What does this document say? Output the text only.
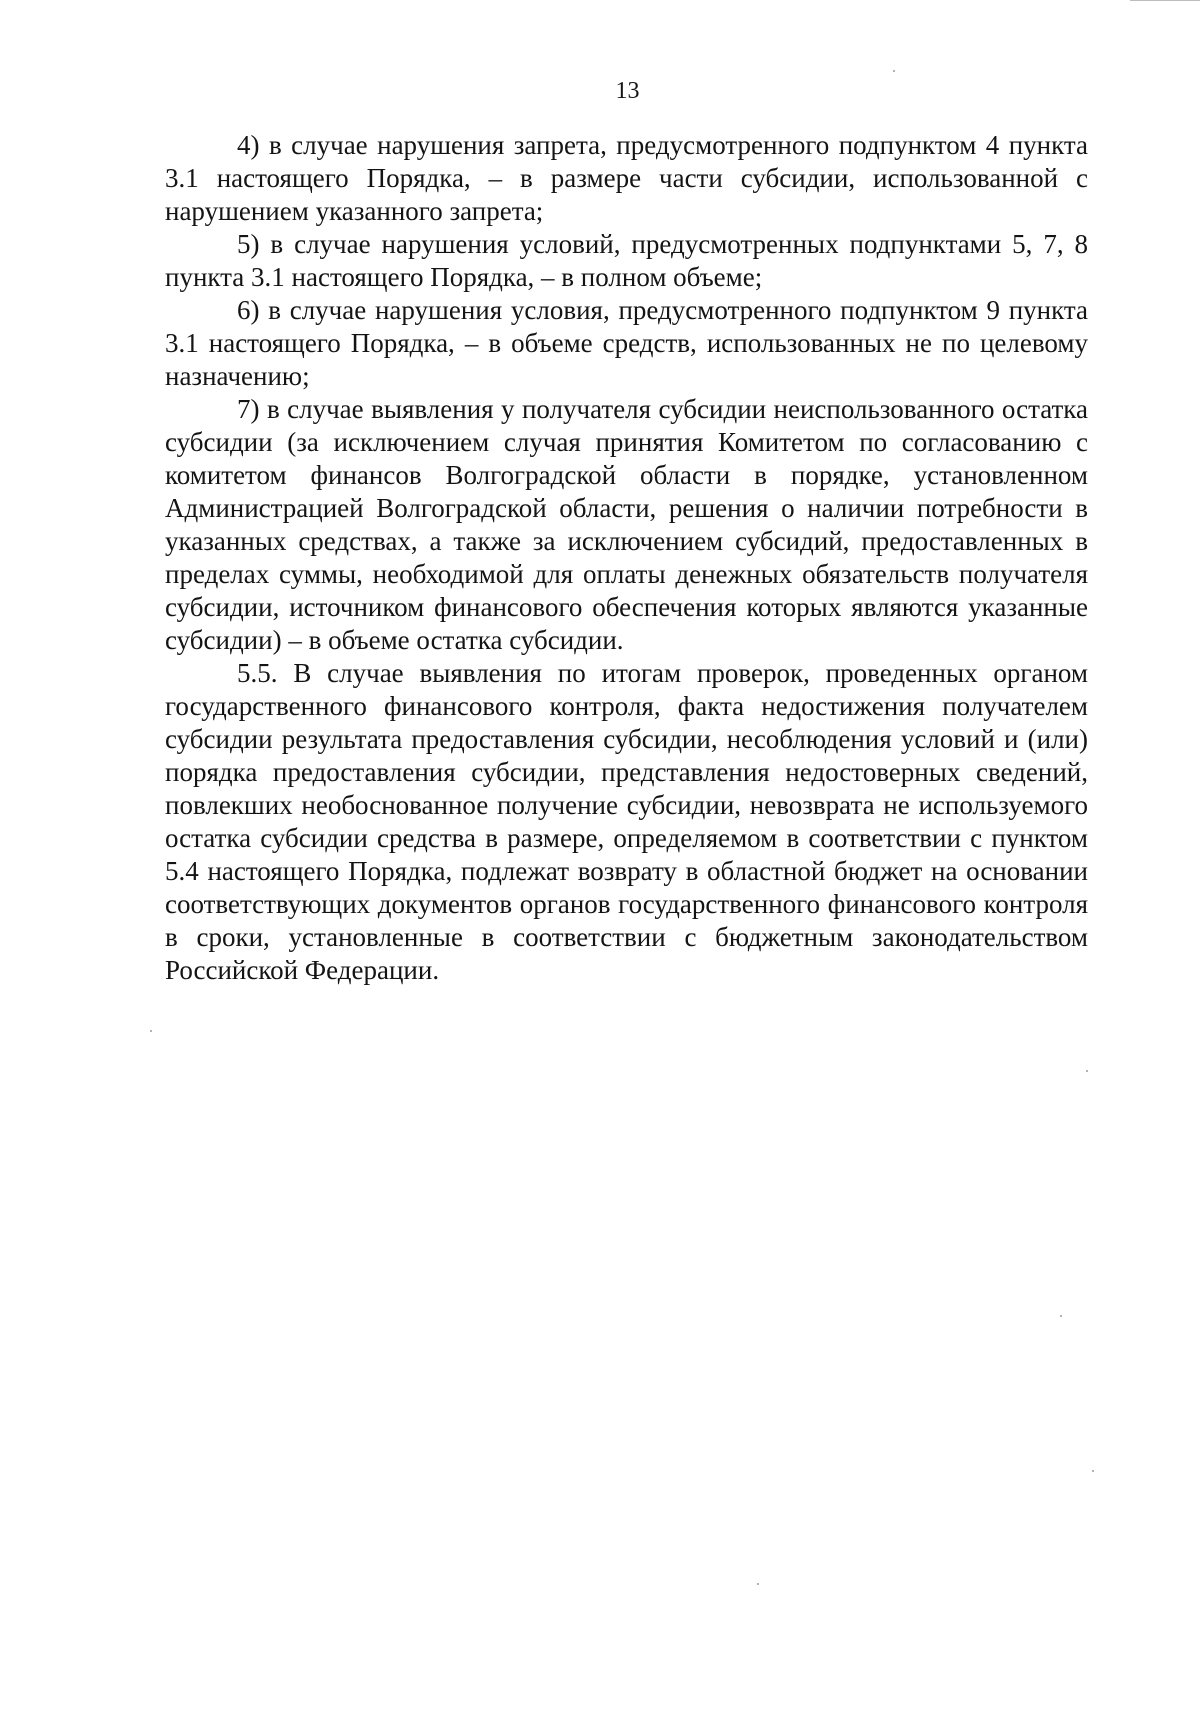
13

4) в случае нарушения запрета, предусмотренного подпунктом 4 пункта 3.1 настоящего Порядка, – в размере части субсидии, использованной с нарушением указанного запрета;

5) в случае нарушения условий, предусмотренных подпунктами 5, 7, 8 пункта 3.1 настоящего Порядка, – в полном объеме;

6) в случае нарушения условия, предусмотренного подпунктом 9 пункта 3.1 настоящего Порядка, – в объеме средств, использованных не по целевому назначению;

7) в случае выявления у получателя субсидии неиспользованного остатка субсидии (за исключением случая принятия Комитетом по согласованию с комитетом финансов Волгоградской области в порядке, установленном Администрацией Волгоградской области, решения о наличии потребности в указанных средствах, а также за исключением субсидий, предоставленных в пределах суммы, необходимой для оплаты денежных обязательств получателя субсидии, источником финансового обеспечения которых являются указанные субсидии) – в объеме остатка субсидии.

5.5. В случае выявления по итогам проверок, проведенных органом государственного финансового контроля, факта недостижения получателем субсидии результата предоставления субсидии, несоблюдения условий и (или) порядка предоставления субсидии, представления недостоверных сведений, повлекших необоснованное получение субсидии, невозврата не используемого остатка субсидии средства в размере, определяемом в соответствии с пунктом 5.4 настоящего Порядка, подлежат возврату в областной бюджет на основании соответствующих документов органов государственного финансового контроля в сроки, установленные в соответствии с бюджетным законодательством Российской Федерации.
